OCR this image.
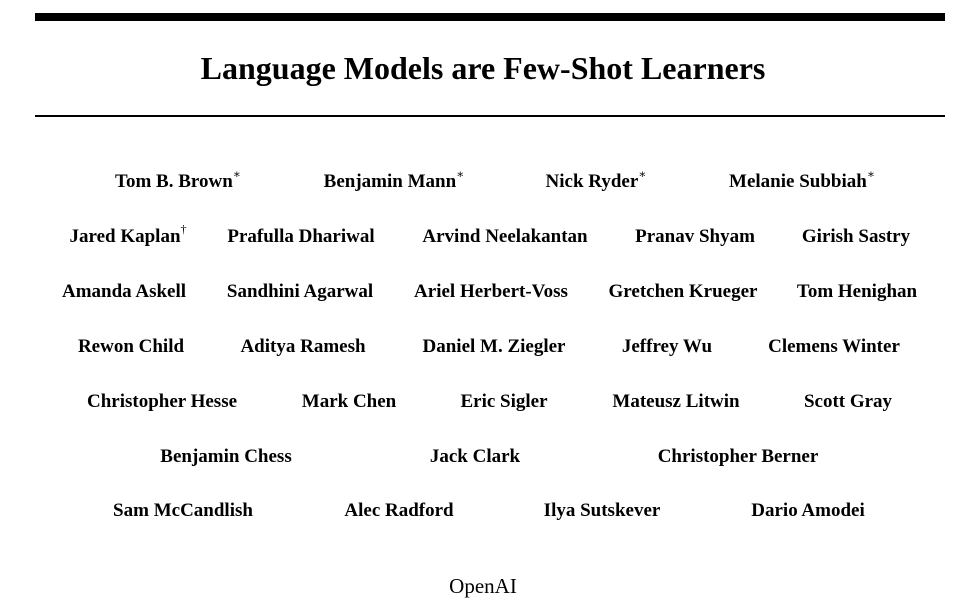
Language Models are Few-Shot Learners
Tom B. Brown∗	Benjamin Mann∗	Nick Ryder∗	Melanie Subbiah∗
Jared Kaplan† Prafulla Dhariwal	Arvind Neelakantan Pranav Shyam Girish Sastry
Amanda Askell Sandhini Agarwal Ariel Herbert-Voss Gretchen Krueger Tom Henighan
Rewon Child	Aditya Ramesh	Daniel M. Ziegler	Jeffrey Wu	Clemens Winter
Christopher Hesse	Mark Chen	Eric Sigler	Mateusz Litwin	Scott Gray
Benjamin Chess	Jack Clark	Christopher Berner
Sam McCandlish	Alec Radford	Ilya Sutskever	Dario Amodei
OpenAI
